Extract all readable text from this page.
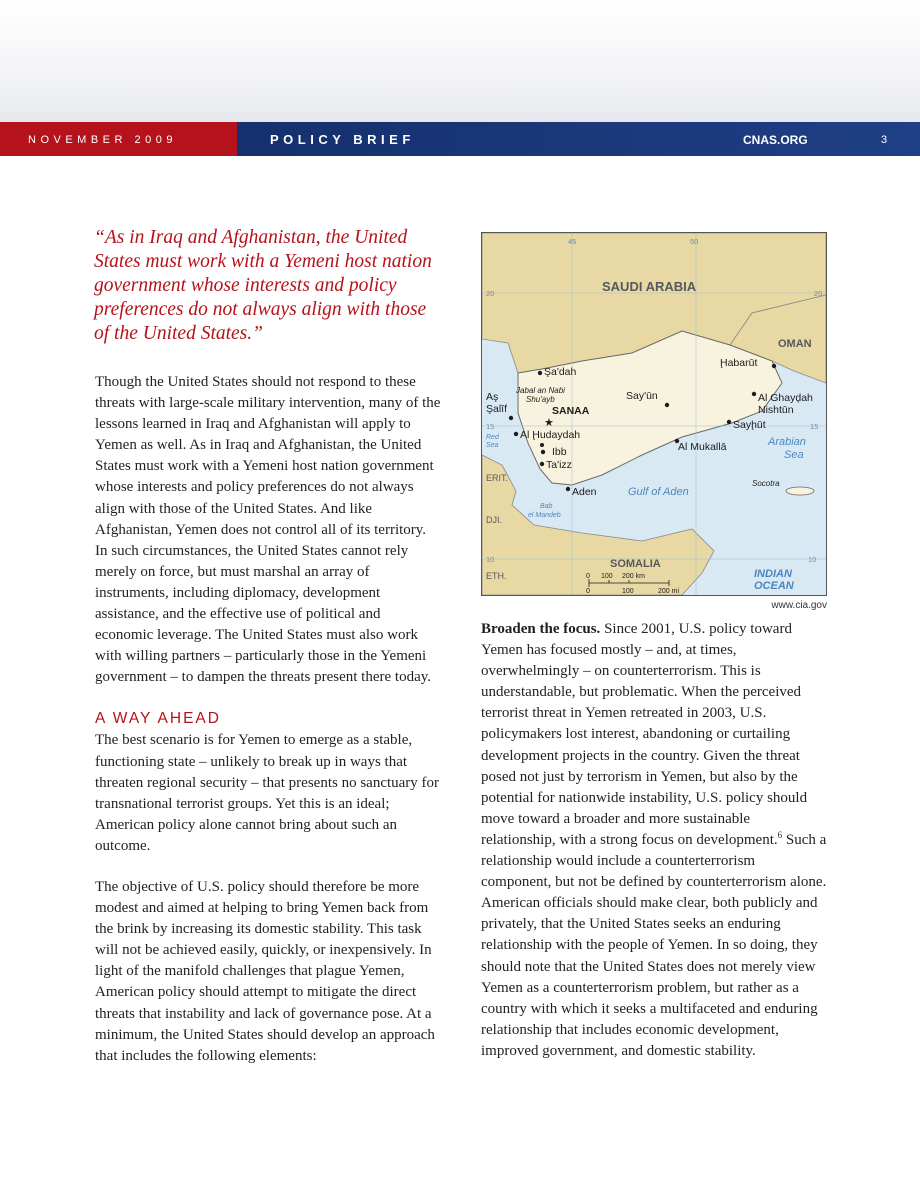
NOVEMBER 2009	POLICY BRIEF	CNAS.ORG	3
“As in Iraq and Afghanistan, the United States must work with a Yemeni host nation government whose interests and policy preferences do not always align with those of the United States.”

Though the United States should not respond to these threats with large-scale military intervention, many of the lessons learned in Iraq and Afghanistan will apply to Yemen as well. As in Iraq and Afghanistan, the United States must work with a Yemeni host nation government whose interests and policy preferences do not always align with those of the United States. And like Afghanistan, Yemen does not control all of its territory. In such circumstances, the United States cannot rely merely on force, but must marshal an array of instruments, including diplomacy, development assistance, and the effective use of political and economic leverage. The United States must also work with willing partners – particularly those in the Yemeni government – to dampen the threats present there today.

A WAY AHEAD

The best scenario is for Yemen to emerge as a stable, functioning state – unlikely to break up in ways that threaten regional security – that presents no sanctuary for transnational terrorist groups. Yet this is an ideal; American policy alone cannot bring about such an outcome.

The objective of U.S. policy should therefore be more modest and aimed at helping to bring Yemen back from the brink by increasing its domestic stability. This task will not be achieved easily, quickly, or inexpensively. In light of the manifold challenges that plague Yemen, American policy should attempt to mitigate the direct threats that instability and lack of governance pose. At a minimum, the United States should develop an approach that includes the following elements:

45	50
20	20
15	15
10	10
SAUDI ARABIA
OMAN
SOMALIA
ERIT.
DJI.
ETH.
★
Şa'dah
Ḩabarūt
Aş
Şalīf
Say'ūn	Al Ghayḑah
Nishtūn
Sayḩūt
Al Ḩudaydah
Ibb
Ta'izz
Al Mukallā
Aden
SANAA
Jabal an Nabi
Shu'ayb
Red
Sea
Bab
el Mandeb
Arabian
Sea
Gulf of Aden
INDIAN
OCEAN
Socotra
0 100 200 km
0	100	200 mi
www.cia.gov

Broaden the focus. Since 2001, U.S. policy toward Yemen has focused mostly – and, at times, overwhelmingly – on counterterrorism. This is understandable, but problematic. When the perceived terrorist threat in Yemen retreated in 2003, U.S. policymakers lost interest, abandoning or curtailing development projects in the country. Given the threat posed not just by terrorism in Yemen, but also by the potential for nationwide instability, U.S. policy should move toward a broader and more sustainable relationship, with a strong focus on development.$^6$ Such a relationship would include a counterterrorism component, but not be defined by counterterrorism alone. American officials should make clear, both publicly and privately, that the United States seeks an enduring relationship with the people of Yemen. In so doing, they should note that the United States does not merely view Yemen as a counterterrorism problem, but rather as a country with which it seeks a multifaceted and enduring relationship that includes economic development, improved government, and domestic stability.
